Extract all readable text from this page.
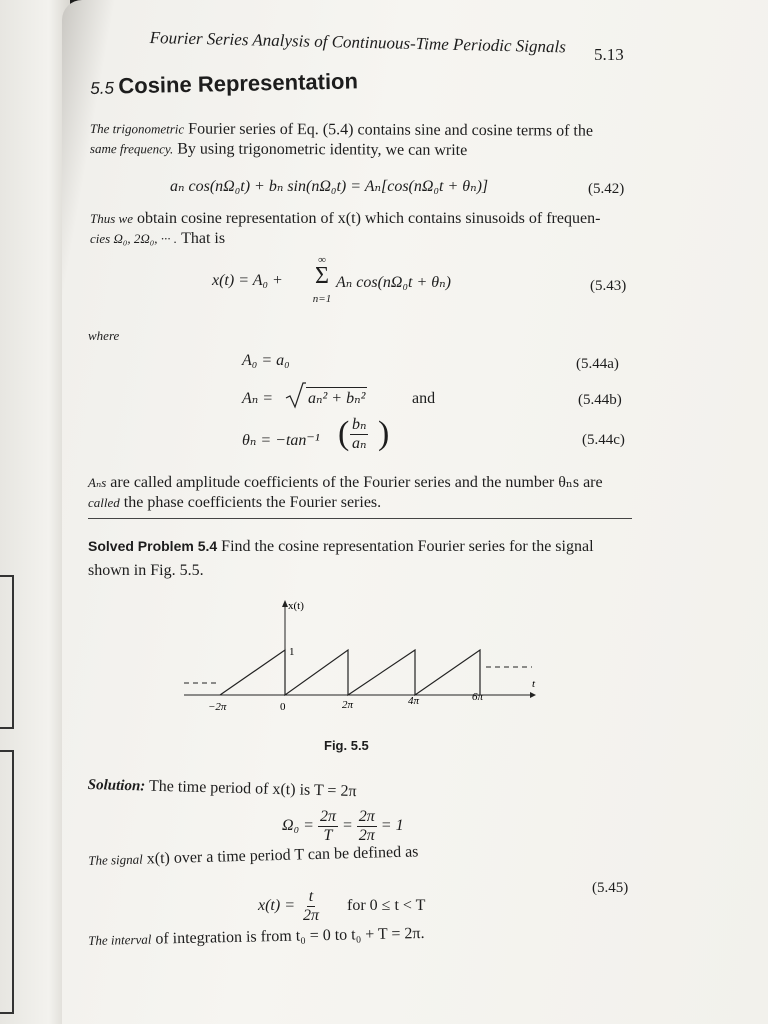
Fourier Series Analysis of Continuous-Time Periodic Signals 5.13
5.5 Cosine Representation
The trigonometric Fourier series of Eq. (5.4) contains sine and cosine terms of the
same frequency. By using trigonometric identity, we can write
aₙ cos(nΩ₀t) + bₙ sin(nΩ₀t) = Aₙ[cos(nΩ₀t + θₙ)]	(5.42)
Thus we obtain cosine representation of x(t) which contains sinusoids of frequen-
cies Ω₀, 2Ω₀, ··· . That is
x(t) = A₀ +
∞
Σ
n=1
Aₙ cos(nΩ₀t + θₙ)	(5.43)
where
A₀ = a₀	(5.44a)
Aₙ = aₙ² + bₙ²	and	(5.44b)
θₙ = −tan⁻¹ ( $\frac{\text{bₙ}}{\text{aₙ}}$ )	(5.44c)
Aₙs are called amplitude coefficients of the Fourier series and the number θₙs are
called the phase coefficients the Fourier series.
Solved Problem 5.4 Find the cosine representation Fourier series for the signal
shown in Fig. 5.5.
x(t)
1
t
−2π	0	2π	4π	6π
Fig. 5.5
Solution: The time period of x(t) is T = 2π
$\Omega_0 = \frac{2\pi}{T} = \frac{2\pi}{2\pi} = 1$
The signal x(t) over a time period T can be defined as
$x(t) = \frac{t}{2\pi}$ for 0 ≤ t < T
(5.45)
The interval of integration is from t₀ = 0 to t₀ + T = 2π.
